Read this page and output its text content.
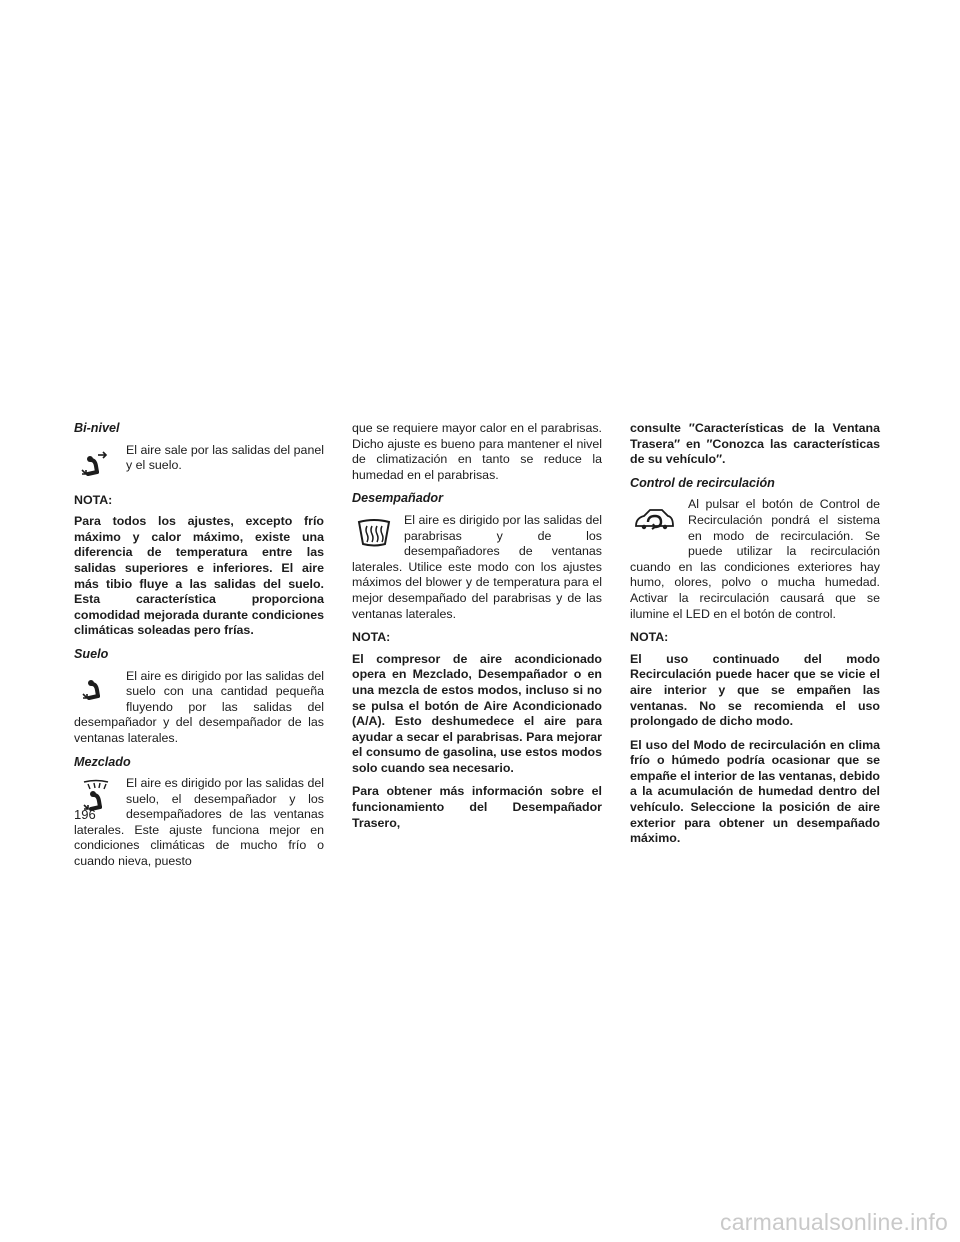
Bi-nivel
El aire sale por las salidas del panel y el suelo.
NOTA:

Para todos los ajustes, excepto frío máximo y calor máximo, existe una diferencia de temperatura entre las salidas superiores e inferiores. El aire más tibio fluye a las salidas del suelo. Esta característica proporciona comodidad mejorada durante condiciones climáticas soleadas pero frías.

Suelo
El aire es dirigido por las salidas del suelo con una cantidad pequeña fluyendo por las salidas del desempañador y del desempañador de las ventanas laterales.
Mezclado
El aire es dirigido por las salidas del suelo, el desempañador y los desempañadores de las ventanas laterales. Este ajuste funciona mejor en condiciones climáticas de mucho frío o cuando nieva, puesto

que se requiere mayor calor en el parabrisas. Dicho ajuste es bueno para mantener el nivel de climatización en tanto se reduce la humedad en el parabrisas.

Desempañador
El aire es dirigido por las salidas del parabrisas y de los desempañadores de ventanas laterales. Utilice este modo con los ajustes máximos del blower y de temperatura para el mejor desempañado del parabrisas y de las ventanas laterales.
NOTA:

El compresor de aire acondicionado opera en Mezclado, Desempañador o en una mezcla de estos modos, incluso si no se pulsa el botón de Aire Acondicionado (A/A). Esto deshumedece el aire para ayudar a secar el parabrisas. Para mejorar el consumo de gasolina, use estos modos solo cuando sea necesario.

Para obtener más información sobre el funcionamiento del Desempañador Trasero,

consulte ″Características de la Ventana Trasera″ en ″Conozca las características de su vehículo″.

Control de recirculación
Al pulsar el botón de Control de Recirculación pondrá el sistema en modo de recirculación. Se puede utilizar la recirculación cuando en las condiciones exteriores hay humo, olores, polvo o mucha humedad. Activar la recirculación causará que se ilumine el LED en el botón de control.
NOTA:

El uso continuado del modo Recirculación puede hacer que se vicie el aire interior y que se empañen las ventanas. No se recomienda el uso prolongado de dicho modo.

El uso del Modo de recirculación en clima frío o húmedo podría ocasionar que se empañe el interior de las ventanas, debido a la acumulación de humedad dentro del vehículo. Seleccione la posición de aire exterior para obtener un desempañado máximo.

196
carmanualsonline.info
